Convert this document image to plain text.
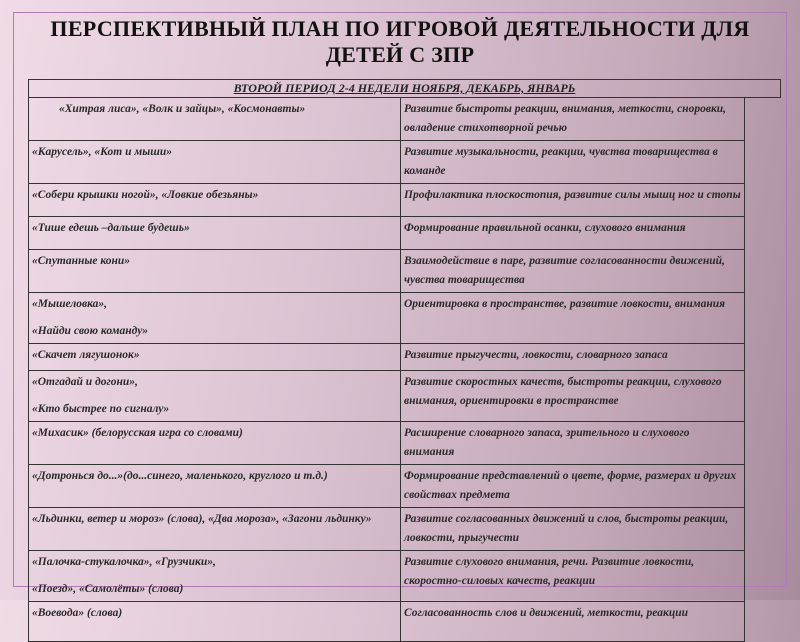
ПЕРСПЕКТИВНЫЙ ПЛАН ПО ИГРОВОЙ ДЕЯТЕЛЬНОСТИ ДЛЯ ДЕТЕЙ С ЗПР
ВТОРОЙ ПЕРИОД 2-4 НЕДЕЛИ НОЯБРЯ, ДЕКАБРЬ, ЯНВАРЬ
«Хитрая лиса», «Волк и зайцы», «Космонавты»	Развитие быстроты реакции, внимания, меткости, сноровки, овладение стихотворной речью

«Карусель», «Кот и мыши»	Развитие музыкальности, реакции, чувства товарищества в команде

«Собери крышки ногой», «Ловкие обезьяны»	Профилактика плоскостопия, развитие силы мышц ног и стопы

«Тише едешь –дальше будешь»	Формирование правильной осанки, слухового внимания

«Спутанные кони»	Взаимодействие в паре, развитие согласованности движений, чувства товарищества

«Мышеловка»,
«Найди свою команду»	Ориентировка в пространстве, развитие ловкости, внимания

«Скачет лягушонок»	Развитие прыгучести, ловкости, словарного запаса

«Отгадай и догони»,
«Кто быстрее по сигналу»	Развитие скоростных качеств, быстроты реакции, слухового внимания, ориентировки в пространстве

«Михасик» (белорусская игра со словами)	Расширение словарного запаса, зрительного и слухового внимания

«Дотронься до...»(до...синего, маленького, круглого и т.д.)	Формирование представлений о цвете, форме, размерах и других свойствах предмета

«Льдинки, ветер и мороз» (слова), «Два мороза», «Загони льдинку»	Развитие согласованных движений и слов, быстроты реакции, ловкости, прыгучести

«Палочка-стукалочка», «Грузчики»,
«Поезд», «Самолёты» (слова)	Развитие слухового внимания, речи. Развитие ловкости, скоростно-силовых качеств, реакции

«Воевода» (слова)	Согласованность слов и движений, меткости, реакции
